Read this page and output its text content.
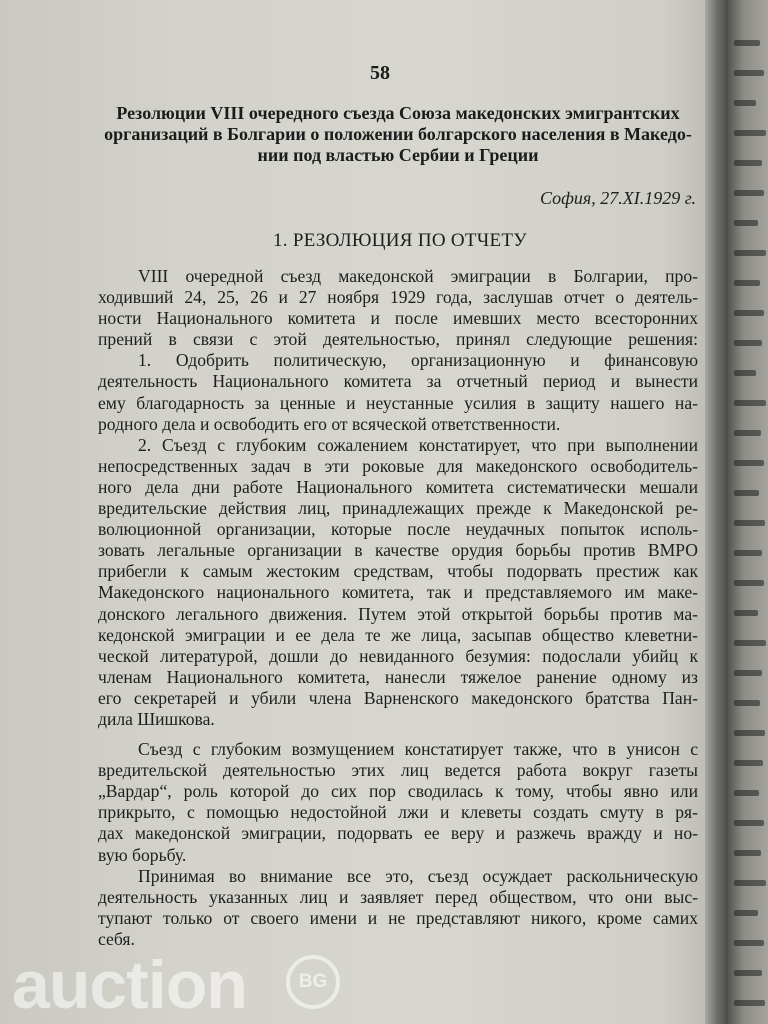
58
Резолюции VIII очередного съезда Союза македонских эмигрантских
организаций в Болгарии о положении болгарского населения в Македо-
нии под властью Сербии и Греции
София, 27.XI.1929 г.
1. РЕЗОЛЮЦИЯ ПО ОТЧЕТУ
VIII очередной съезд македонской эмиграции в Болгарии, про-
ходивший 24, 25, 26 и 27 ноября 1929 года, заслушав отчет о деятель-
ности Национального комитета и после имевших место всесторонних
прений в связи с этой деятельностью, принял следующие решения:
1. Одобрить политическую, организационную и финансовую
деятельность Национального комитета за отчетный период и вынести
ему благодарность за ценные и неустанные усилия в защиту нашего на-
родного дела и освободить его от всяческой ответственности.
2. Съезд с глубоким сожалением констатирует, что при выполнении
непосредственных задач в эти роковые для македонского освободитель-
ного дела дни работе Национального комитета систематически мешали
вредительские действия лиц, принадлежащих прежде к Македонской ре-
волюционной организации, которые после неудачных попыток исполь-
зовать легальные организации в качестве орудия борьбы против ВМРО
прибегли к самым жестоким средствам, чтобы подорвать престиж как
Македонского национального комитета, так и представляемого им маке-
донского легального движения. Путем этой открытой борьбы против ма-
кедонской эмиграции и ее дела те же лица, засыпав общество клеветни-
ческой литературой, дошли до невиданного безумия: подослали убийц к
членам Национального комитета, нанесли тяжелое ранение одному из
его секретарей и убили члена Варненского македонского братства Пан-
дила Шишкова.
Съезд с глубоким возмущением констатирует также, что в унисон с
вредительской деятельностью этих лиц ведется работа вокруг газеты
„Вардар“, роль которой до сих пор сводилась к тому, чтобы явно или
прикрыто, с помощью недостойной лжи и клеветы создать смуту в ря-
дах македонской эмиграции, подорвать ее веру и разжечь вражду и но-
вую борьбу.
Принимая во внимание все это, съезд осуждает раскольническую
деятельность указанных лиц и заявляет перед обществом, что они выс-
тупают только от своего имени и не представляют никого, кроме самих
себя.
auction	BG
